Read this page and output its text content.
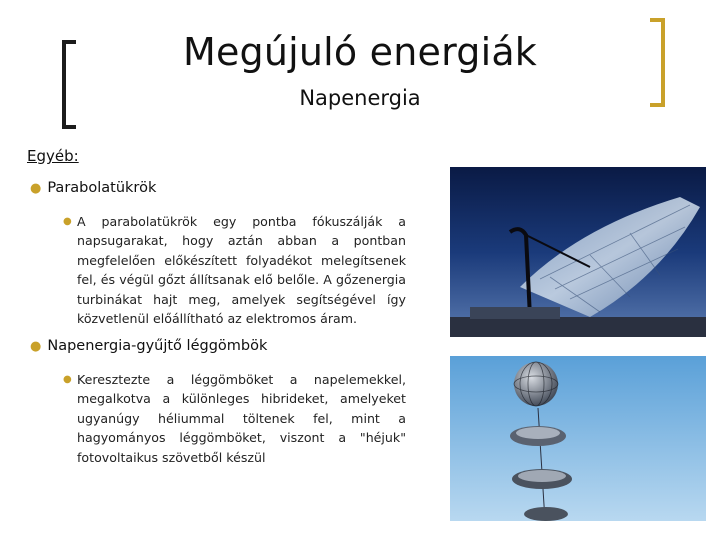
Megújuló energiák
Napenergia
Egyéb:
● Parabolatükrök
● A parabolatükrök egy pontba fókuszálják a napsugarakat, hogy aztán abban a pontban megfelelően előkészített folyadékot melegítsenek fel, és végül gőzt állítsanak elő belőle. A gőzenergia turbinákat hajt meg, amelyek segítségével így közvetlenül előállítható az elektromos áram.
● Napenergia-gyűjtő léggömbök
● Keresztezte a léggömböket a napelemekkel, megalkotva a különleges hibrideket, amelyeket ugyanúgy héliummal töltenek fel, mint a hagyományos léggömböket, viszont a "héjuk" fotovoltaikus szövetből készül
